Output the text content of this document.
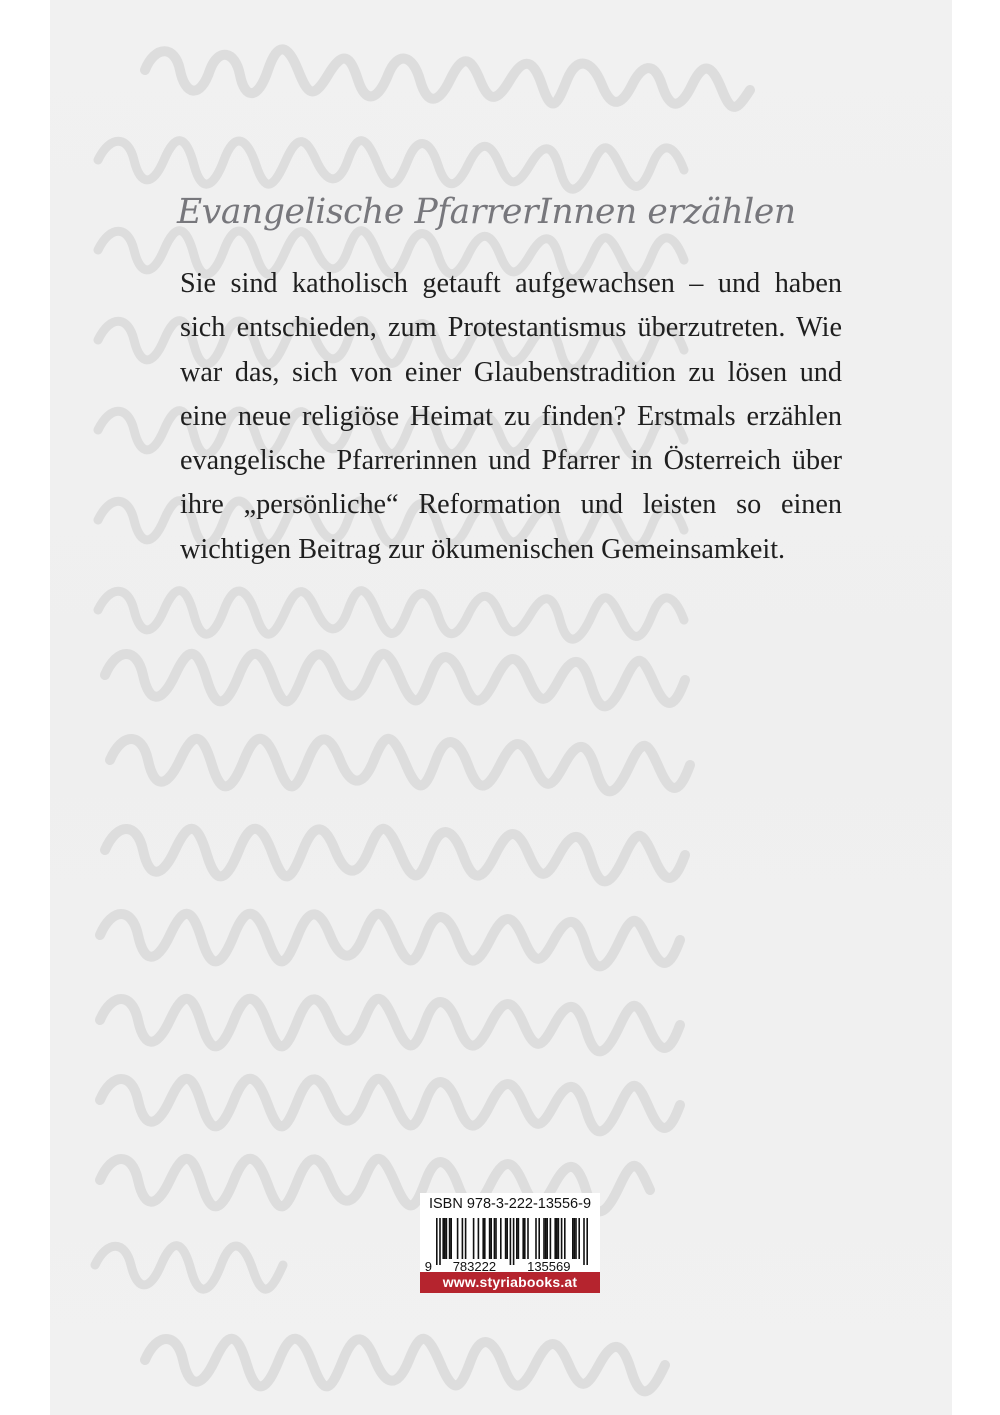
Evangelische PfarrerInnen erzählen

Sie sind katholisch getauft aufgewachsen – und haben sich entschieden, zum Protestantismus überzutreten. Wie war das, sich von einer Glaubenstradition zu lösen und eine neue religiöse Heimat zu finden? Erstmals erzählen evangelische Pfarrerinnen und Pfarrer in Österreich über ihre „persönliche“ Reformation und leisten so einen wichtigen Beitrag zur ökumenischen Gemeinsamkeit.

ISBN 978-3-222-13556-9
9 783222 135569
www.styriabooks.at
